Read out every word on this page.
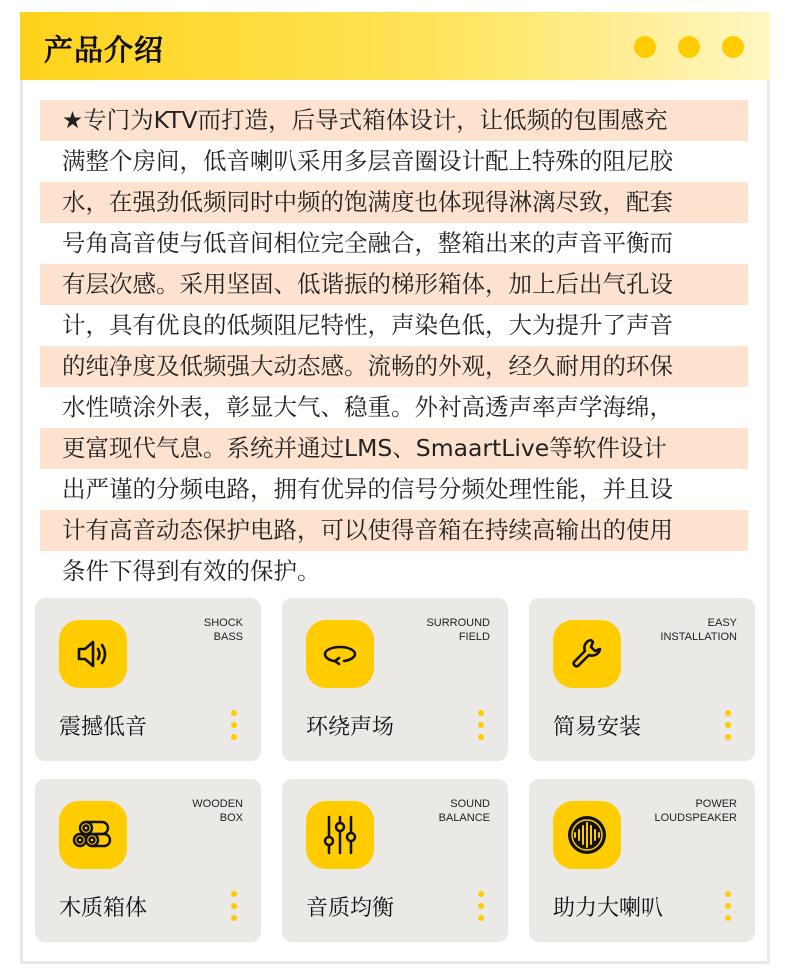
产品介绍
★专门为KTV而打造，后导式箱体设计，让低频的包围感充
满整个房间，低音喇叭采用多层音圈设计配上特殊的阻尼胶
水，在强劲低频同时中频的饱满度也体现得淋漓尽致，配套
号角高音使与低音间相位完全融合，整箱出来的声音平衡而
有层次感。采用坚固、低谐振的梯形箱体，加上后出气孔设
计，具有优良的低频阻尼特性，声染色低，大为提升了声音
的纯净度及低频强大动态感。流畅的外观，经久耐用的环保
水性喷涂外表，彰显大气、稳重。外衬高透声率声学海绵，
更富现代气息。系统并通过LMS、SmaartLive等软件设计
出严谨的分频电路，拥有优异的信号分频处理性能，并且设
计有高音动态保护电路，可以使得音箱在持续高输出的使用
条件下得到有效的保护。
SHOCK
BASS
震撼低音
SURROUND
FIELD
环绕声场
EASY
INSTALLATION
简易安装
WOODEN
BOX
木质箱体
SOUND
BALANCE
音质均衡
POWER
LOUDSPEAKER
助力大喇叭
